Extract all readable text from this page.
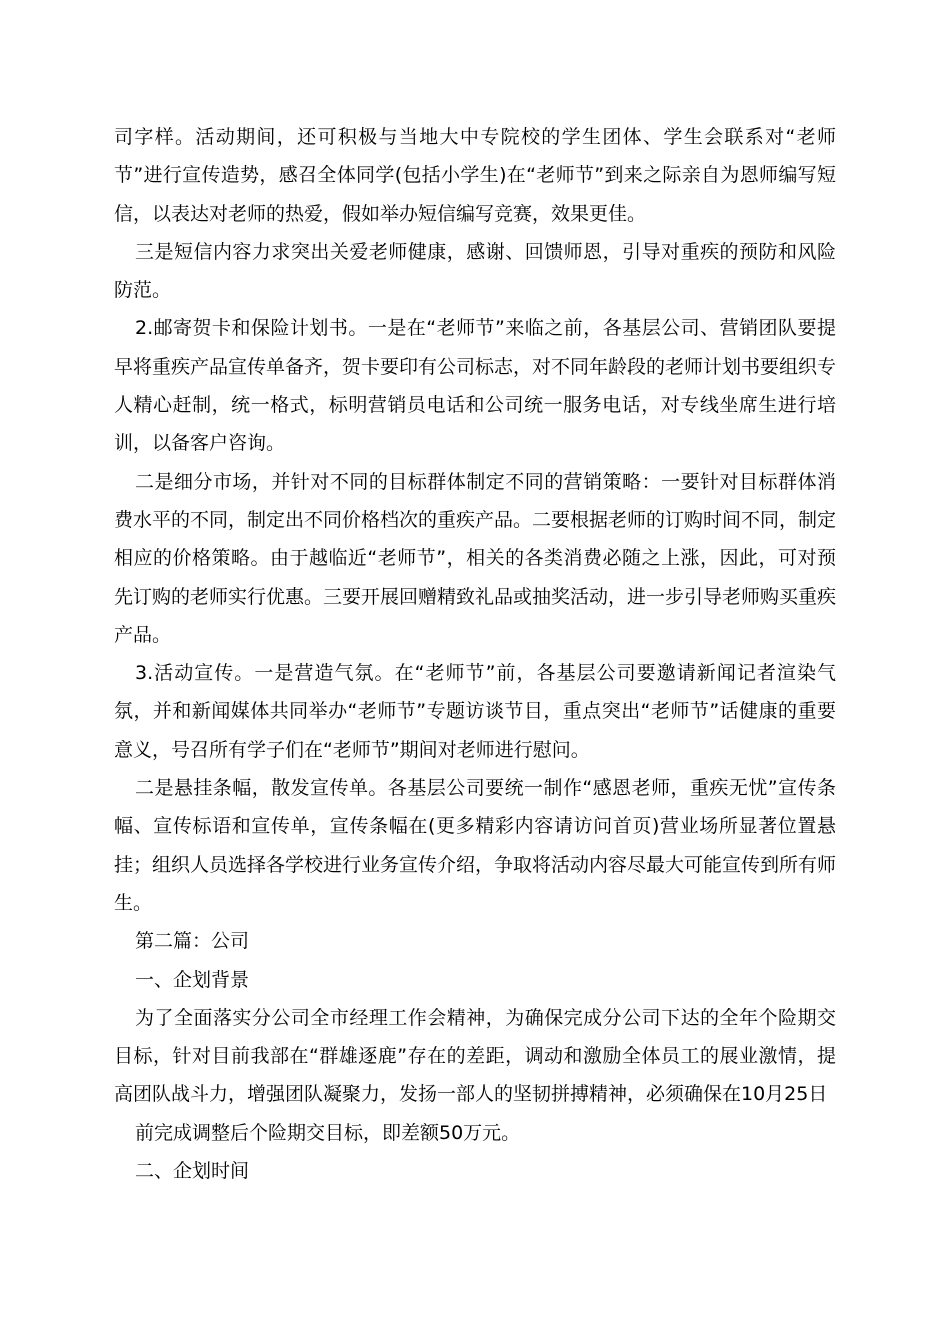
司字样。活动期间，还可积极与当地大中专院校的学生团体、学生会联系对“老师节”进行宣传造势，感召全体同学(包括小学生)在“老师节”到来之际亲自为恩师编写短信，以表达对老师的热爱，假如举办短信编写竞赛，效果更佳。

三是短信内容力求突出关爱老师健康，感谢、回馈师恩，引导对重疾的预防和风险防范。

2.邮寄贺卡和保险计划书。一是在“老师节”来临之前，各基层公司、营销团队要提早将重疾产品宣传单备齐，贺卡要印有公司标志，对不同年龄段的老师计划书要组织专人精心赶制，统一格式，标明营销员电话和公司统一服务电话，对专线坐席生进行培训，以备客户咨询。

二是细分市场，并针对不同的目标群体制定不同的营销策略：一要针对目标群体消费水平的不同，制定出不同价格档次的重疾产品。二要根据老师的订购时间不同，制定相应的价格策略。由于越临近“老师节”，相关的各类消费必随之上涨，因此，可对预先订购的老师实行优惠。三要开展回赠精致礼品或抽奖活动，进一步引导老师购买重疾产品。

3.活动宣传。一是营造气氛。在“老师节”前，各基层公司要邀请新闻记者渲染气氛，并和新闻媒体共同举办“老师节”专题访谈节目，重点突出“老师节”话健康的重要意义，号召所有学子们在“老师节”期间对老师进行慰问。

二是悬挂条幅，散发宣传单。各基层公司要统一制作“感恩老师，重疾无忧”宣传条幅、宣传标语和宣传单，宣传条幅在(更多精彩内容请访问首页)营业场所显著位置悬挂；组织人员选择各学校进行业务宣传介绍，争取将活动内容尽最大可能宣传到所有师生。

第二篇：公司

一、企划背景

为了全面落实分公司全市经理工作会精神，为确保完成分公司下达的全年个险期交目标，针对目前我部在“群雄逐鹿”存在的差距，调动和激励全体员工的展业激情，提高团队战斗力，增强团队凝聚力，发扬一部人的坚韧拼搏精神，必须确保在10月25日

前完成调整后个险期交目标，即差额50万元。

二、企划时间
